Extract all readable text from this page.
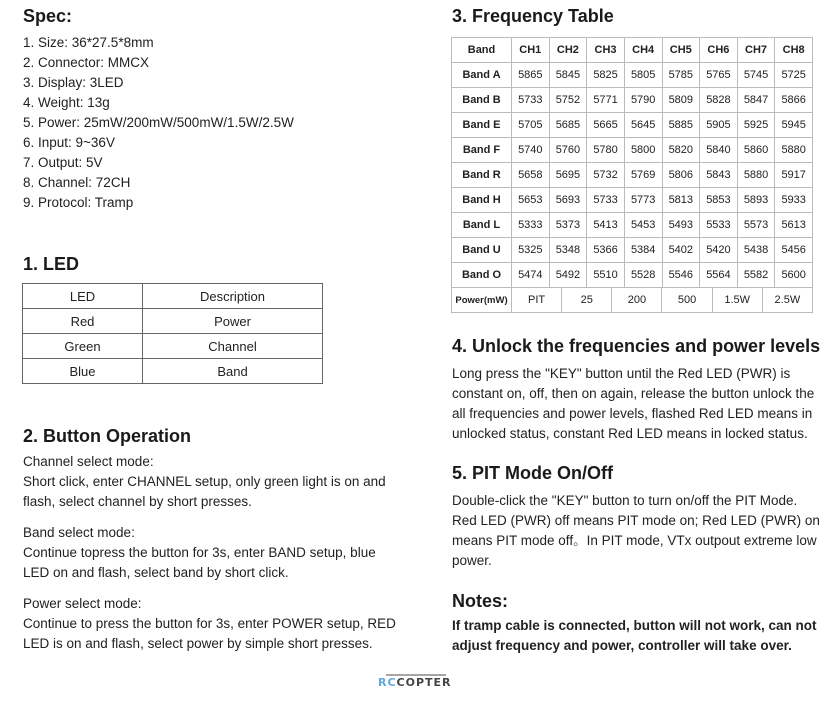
Spec:
1. Size: 36*27.5*8mm
2. Connector: MMCX
3. Display: 3LED
4. Weight: 13g
5. Power: 25mW/200mW/500mW/1.5W/2.5W
6. Input: 9~36V
7. Output: 5V
8. Channel: 72CH
9. Protocol: Tramp
1. LED
LED	Description
Red	Power
Green	Channel
Blue	Band
2. Button Operation
Channel select mode:
Short click, enter CHANNEL setup, only green light is on and flash, select channel by short presses.
Band select mode:
Continue topress the button for 3s, enter BAND setup, blue LED on and flash, select band by short click.
Power select mode:
Continue to press the button for 3s, enter POWER setup, RED LED is on and flash, select power by simple short presses.
3. Frequency Table
Band	CH1	CH2	CH3	CH4	CH5	CH6	CH7	CH8
Band A	5865	5845	5825	5805	5785	5765	5745	5725
Band B	5733	5752	5771	5790	5809	5828	5847	5866
Band E	5705	5685	5665	5645	5885	5905	5925	5945
Band F	5740	5760	5780	5800	5820	5840	5860	5880
Band R	5658	5695	5732	5769	5806	5843	5880	5917
Band H	5653	5693	5733	5773	5813	5853	5893	5933
Band L	5333	5373	5413	5453	5493	5533	5573	5613
Band U	5325	5348	5366	5384	5402	5420	5438	5456
Band O	5474	5492	5510	5528	5546	5564	5582	5600
Power(mW)	PIT	25	200	500	1.5W	2.5W
4. Unlock the frequencies and power levels
Long press the "KEY" button until the Red LED (PWR) is constant on, off, then on again, release the button unlock the all frequencies and power levels, flashed Red LED means in unlocked status, constant Red LED means in locked status.
5. PIT Mode On/Off
Double-click the "KEY" button to turn on/off the PIT Mode. Red LED (PWR) off means PIT mode on; Red LED (PWR) on means PIT mode off。In PIT mode, VTx outpout extreme low power.
Notes:
If tramp cable is connected, button will not work, can not adjust frequency and power, controller will take over.
RCCOPTER
